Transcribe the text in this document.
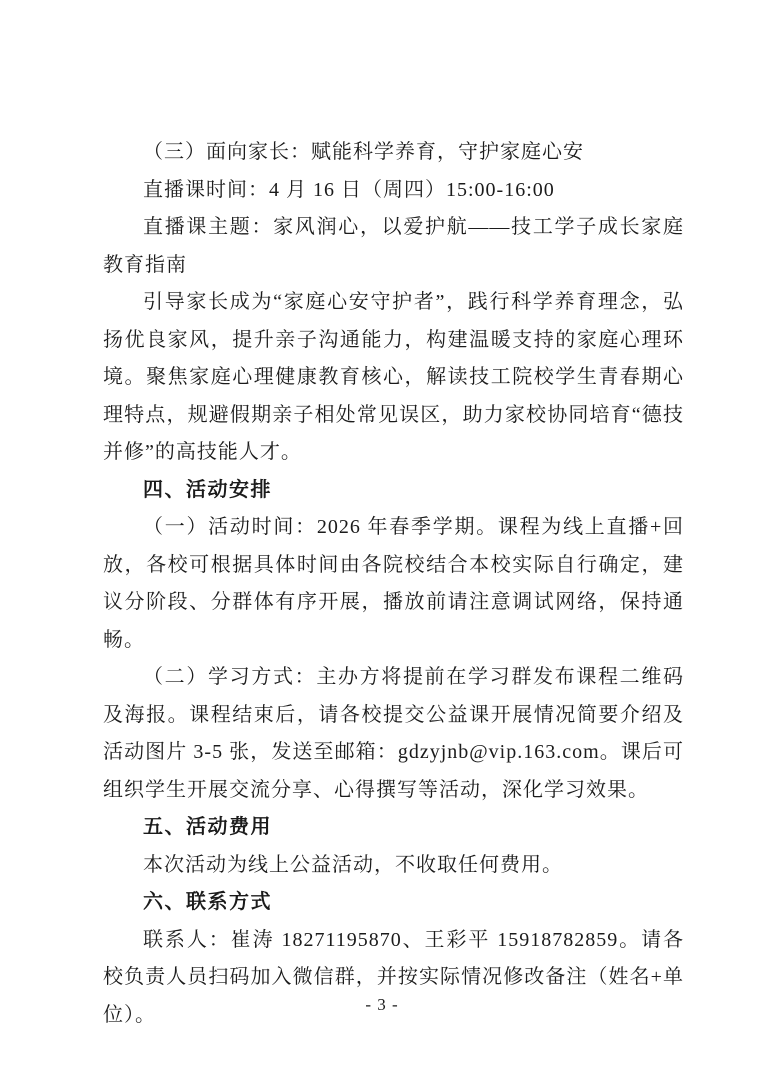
（三）面向家长：赋能科学养育，守护家庭心安

直播课时间：4 月 16 日（周四）15:00-16:00

直播课主题：家风润心，以爱护航——技工学子成长家庭教育指南

引导家长成为“家庭心安守护者”，践行科学养育理念，弘扬优良家风，提升亲子沟通能力，构建温暖支持的家庭心理环境。聚焦家庭心理健康教育核心，解读技工院校学生青春期心理特点，规避假期亲子相处常见误区，助力家校协同培育“德技并修”的高技能人才。

四、活动安排

（一）活动时间：2026 年春季学期。课程为线上直播+回放，各校可根据具体时间由各院校结合本校实际自行确定，建议分阶段、分群体有序开展，播放前请注意调试网络，保持通畅。

（二）学习方式：主办方将提前在学习群发布课程二维码及海报。课程结束后，请各校提交公益课开展情况简要介绍及活动图片 3-5 张，发送至邮箱：gdzyjnb@vip.163.com。课后可组织学生开展交流分享、心得撰写等活动，深化学习效果。

五、活动费用

本次活动为线上公益活动，不收取任何费用。

六、联系方式

联系人：崔涛 18271195870、王彩平 15918782859。请各校负责人员扫码加入微信群，并按实际情况修改备注（姓名+单位）。	- 3 -
